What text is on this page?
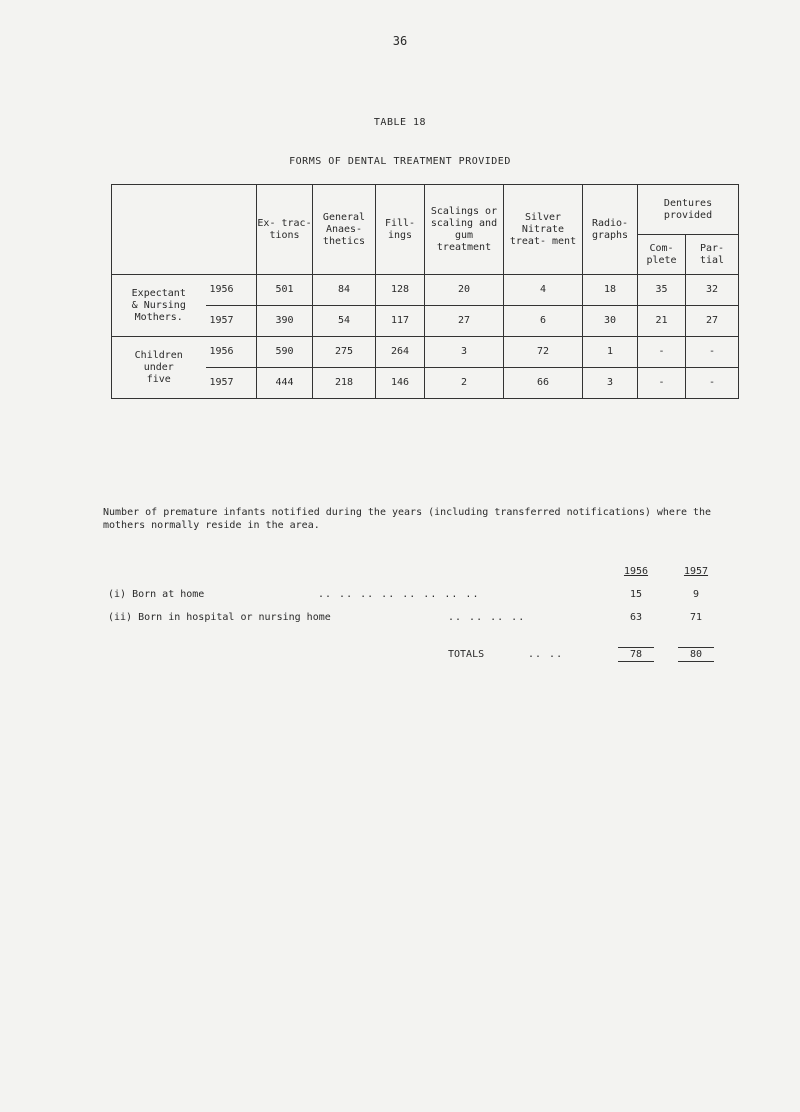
36
TABLE 18
FORMS OF DENTAL TREATMENT PROVIDED
		Ex- trac- tions	General Anaes- thetics	Fill- ings	Scalings or scaling and gum treatment	Silver Nitrate treat- ment	Radio- graphs	Dentures provided	
								Com- plete	Par- tial

Expectant
& Nursing
Mothers.	1956	501	84	128	20	4	18	35	32
	1957	390	54	117	27	6	30	21	27

Children
under
five	1956	590	275	264	3	72	1	-	-
	1957	444	218	146	2	66	3	-	-
Number of premature infants notified during the years (including transferred notifications) where the mothers normally reside in the area.
1956	1957
(i) Born at home	.. .. .. .. .. .. .. ..	15	9
(ii) Born in hospital or nursing home	.. .. .. ..	63	71
TOTALS	.. ..	78	80
